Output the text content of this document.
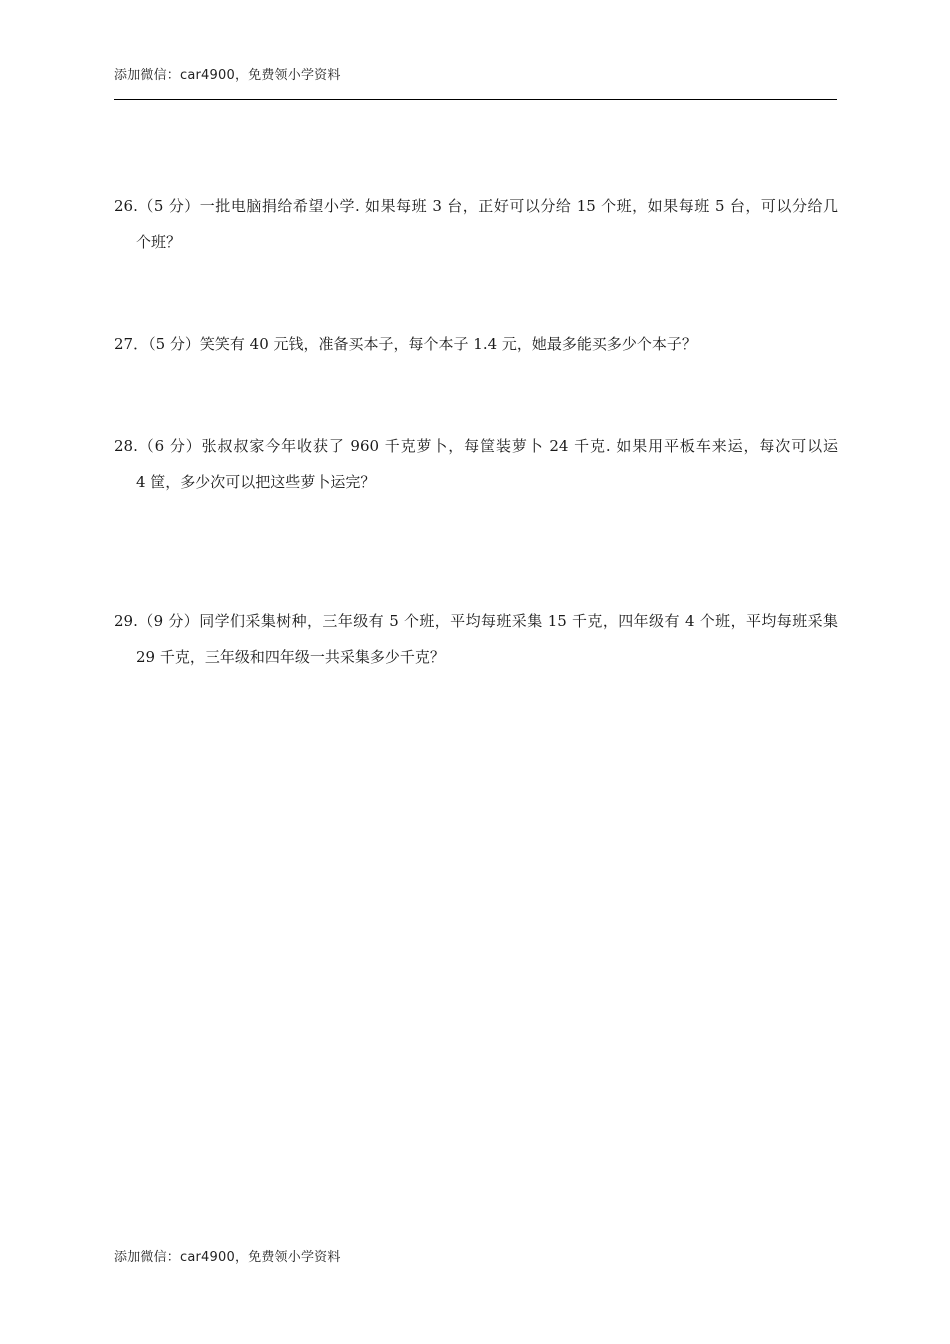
添加微信：car4900，免费领小学资料
26.（5 分）一批电脑捐给希望小学. 如果每班 3 台，正好可以分给 15 个班，如果每班 5 台，可以分给几
个班？
27．（5 分）笑笑有 40 元钱，准备买本子，每个本子 1.4 元，她最多能买多少个本子？
28.（6 分）张叔叔家今年收获了 960 千克萝卜，每筐装萝卜 24 千克. 如果用平板车来运，每次可以运
4 筐，多少次可以把这些萝卜运完？
29.（9 分）同学们采集树种，三年级有 5 个班，平均每班采集 15 千克，四年级有 4 个班，平均每班采集
29 千克，三年级和四年级一共采集多少千克？
添加微信：car4900，免费领小学资料
